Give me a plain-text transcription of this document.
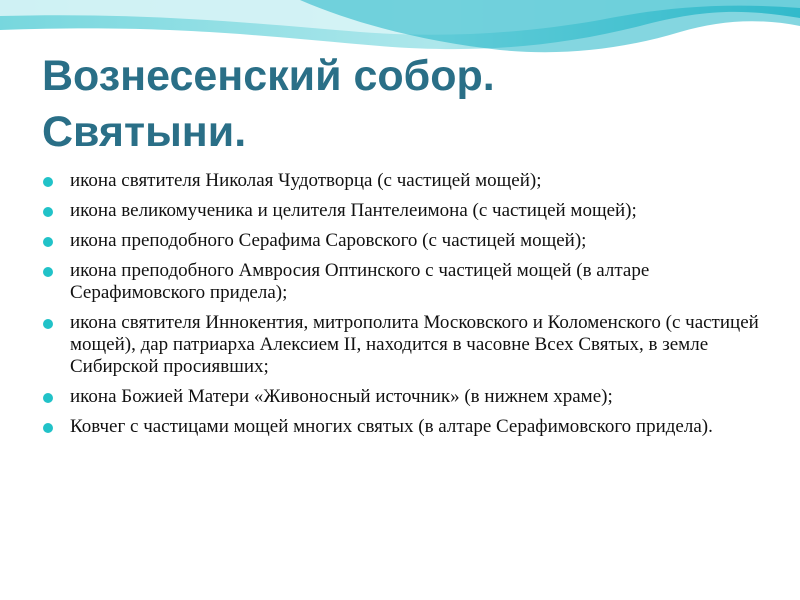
Вознесенский собор.
Святыни.
икона святителя Николая Чудотворца (с частицей мощей);
икона великомученика и целителя Пантелеимона (с частицей мощей);
икона преподобного Серафима Саровского (с частицей мощей);
икона преподобного Амвросия Оптинского с частицей мощей (в алтаре Серафимовского придела);
икона святителя Иннокентия, митрополита Московского и Коломенского (с частицей мощей), дар патриарха Алексием II, находится в часовне Всех Святых, в земле Сибирской просиявших;
икона Божией Матери «Живоносный источник» (в нижнем храме);
Ковчег с частицами мощей многих святых (в алтаре Серафимовского придела).
